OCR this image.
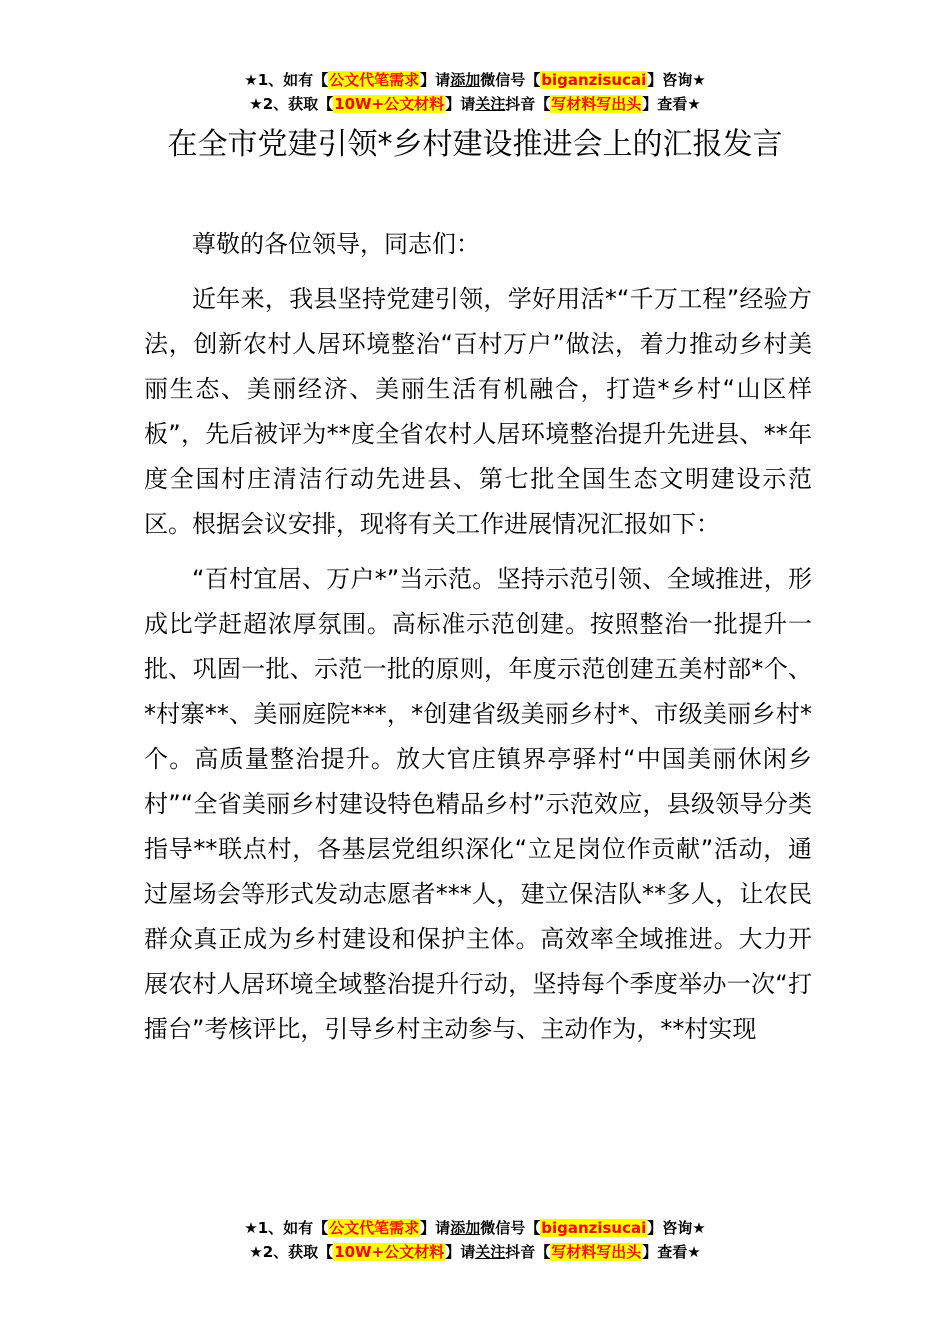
★1、如有【公文代笔需求】请添加微信号【biganzisucai】咨询★
★2、获取【10W+公文材料】请关注抖音【写材料写出头】查看★
在全市党建引领*乡村建设推进会上的汇报发言

尊敬的各位领导，同志们：

近年来，我县坚持党建引领，学好用活*“千万工程”经验方法，创新农村人居环境整治“百村万户”做法，着力推动乡村美丽生态、美丽经济、美丽生活有机融合，打造*乡村“山区样板”，先后被评为**度全省农村人居环境整治提升先进县、**年度全国村庄清洁行动先进县、第七批全国生态文明建设示范区。根据会议安排，现将有关工作进展情况汇报如下：

“百村宜居、万户*”当示范。坚持示范引领、全域推进，形成比学赶超浓厚氛围。高标准示范创建。按照整治一批提升一批、巩固一批、示范一批的原则，年度示范创建五美村部*个、*村寨**、美丽庭院***，*创建省级美丽乡村*、市级美丽乡村*个。高质量整治提升。放大官庄镇界亭驿村“中国美丽休闲乡村”“全省美丽乡村建设特色精品乡村”示范效应，县级领导分类指导**联点村，各基层党组织深化“立足岗位作贡献”活动，通过屋场会等形式发动志愿者***人，建立保洁队**多人，让农民群众真正成为乡村建设和保护主体。高效率全域推进。大力开展农村人居环境全域整治提升行动，坚持每个季度举办一次“打擂台”考核评比，引导乡村主动参与、主动作为，**村实现

★1、如有【公文代笔需求】请添加微信号【biganzisucai】咨询★
★2、获取【10W+公文材料】请关注抖音【写材料写出头】查看★
